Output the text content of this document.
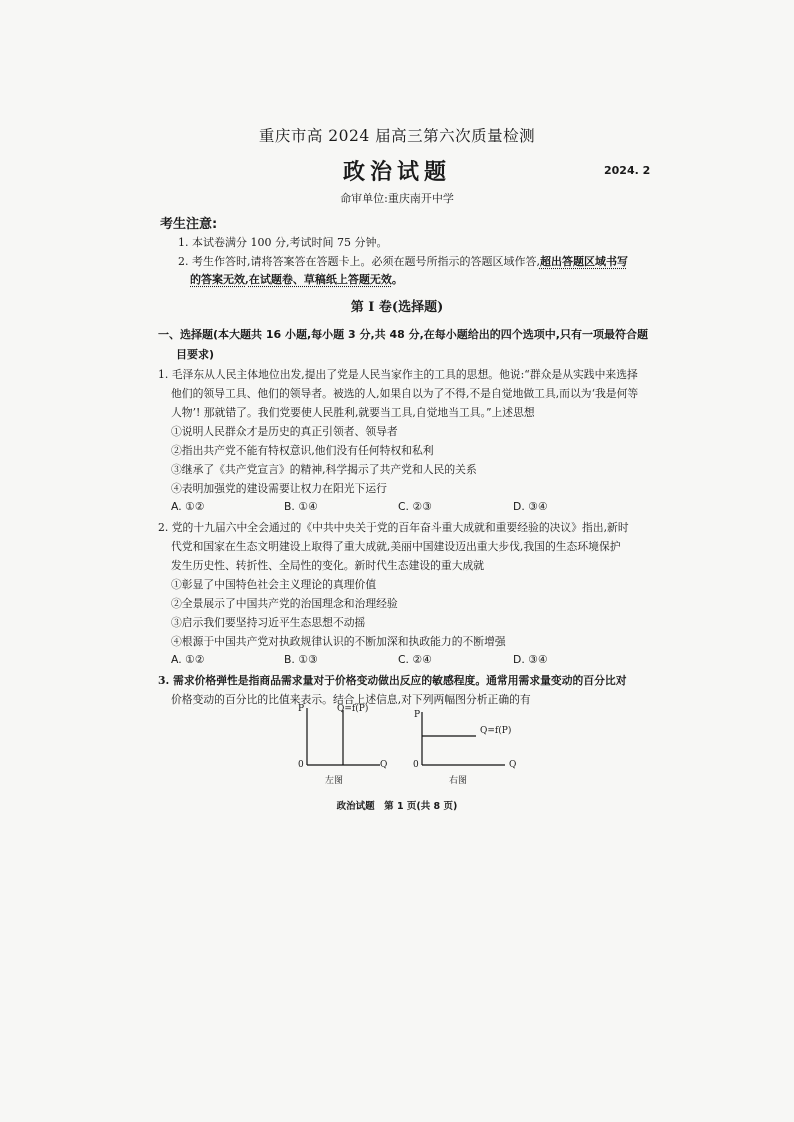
重庆市高 2024 届高三第六次质量检测
政治试题	2024. 2
命审单位:重庆南开中学
考生注意:
1. 本试卷满分 100 分,考试时间 75 分钟。
2. 考生作答时,请将答案答在答题卡上。必须在题号所指示的答题区域作答,超出答题区域书写
的答案无效,在试题卷、草稿纸上答题无效。
第 I 卷(选择题)
一、选择题(本大题共 16 小题,每小题 3 分,共 48 分,在每小题给出的四个选项中,只有一项最符合题
目要求)
1. 毛泽东从人民主体地位出发,提出了党是人民当家作主的工具的思想。他说:“群众是从实践中来选择
他们的领导工具、他们的领导者。被选的人,如果自以为了不得,不是自觉地做工具,而以为‘我是何等
人物’! 那就错了。我们党要使人民胜利,就要当工具,自觉地当工具。”上述思想
①说明人民群众才是历史的真正引领者、领导者
②指出共产党不能有特权意识,他们没有任何特权和私利
③继承了《共产党宣言》的精神,科学揭示了共产党和人民的关系
④表明加强党的建设需要让权力在阳光下运行
A. ①②	B. ①④	C. ②③	D. ③④
2. 党的十九届六中全会通过的《中共中央关于党的百年奋斗重大成就和重要经验的决议》指出,新时
代党和国家在生态文明建设上取得了重大成就,美丽中国建设迈出重大步伐,我国的生态环境保护
发生历史性、转折性、全局性的变化。新时代生态建设的重大成就
①彰显了中国特色社会主义理论的真理价值
②全景展示了中国共产党的治国理念和治理经验
③启示我们要坚持习近平生态思想不动摇
④根源于中国共产党对执政规律认识的不断加深和执政能力的不断增强
A. ①②	B. ①③	C. ②④	D. ③④
3. 需求价格弹性是指商品需求量对于价格变动做出反应的敏感程度。通常用需求量变动的百分比对
价格变动的百分比的比值来表示。结合上述信息,对下列两幅图分析正确的有
P	Q=f(P)
0	Q
左图
P
Q=f(P)
0	Q
右图
政治试题　第 1 页(共 8 页)
